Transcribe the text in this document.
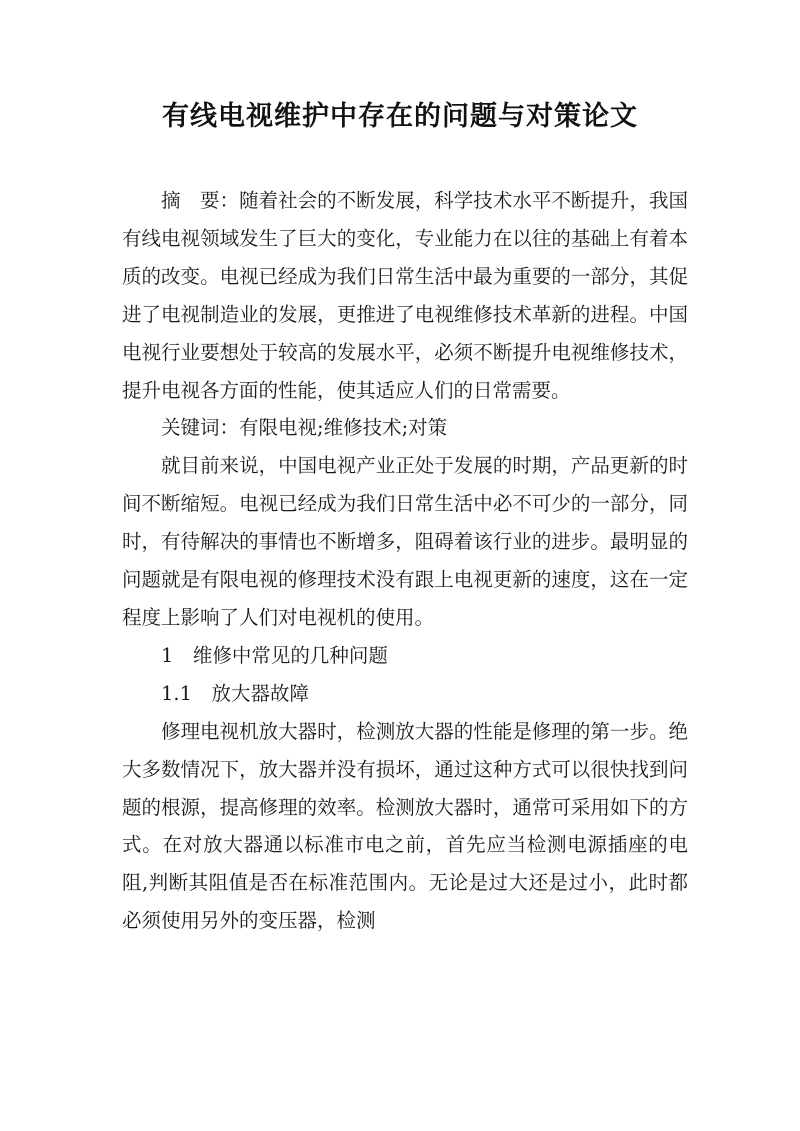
有线电视维护中存在的问题与对策论文

摘　要：随着社会的不断发展，科学技术水平不断提升，我国有线电视领域发生了巨大的变化，专业能力在以往的基础上有着本质的改变。电视已经成为我们日常生活中最为重要的一部分，其促进了电视制造业的发展，更推进了电视维修技术革新的进程。中国电视行业要想处于较高的发展水平，必须不断提升电视维修技术，提升电视各方面的性能，使其适应人们的日常需要。

关键词：有限电视;维修技术;对策

就目前来说，中国电视产业正处于发展的时期，产品更新的时间不断缩短。电视已经成为我们日常生活中必不可少的一部分，同时，有待解决的事情也不断增多，阻碍着该行业的进步。最明显的问题就是有限电视的修理技术没有跟上电视更新的速度，这在一定程度上影响了人们对电视机的使用。

1　维修中常见的几种问题

1.1　放大器故障

修理电视机放大器时，检测放大器的性能是修理的第一步。绝大多数情况下，放大器并没有损坏，通过这种方式可以很快找到问题的根源，提高修理的效率。检测放大器时，通常可采用如下的方式。在对放大器通以标准市电之前，首先应当检测电源插座的电阻,判断其阻值是否在标准范围内。无论是过大还是过小，此时都必须使用另外的变压器，检测
